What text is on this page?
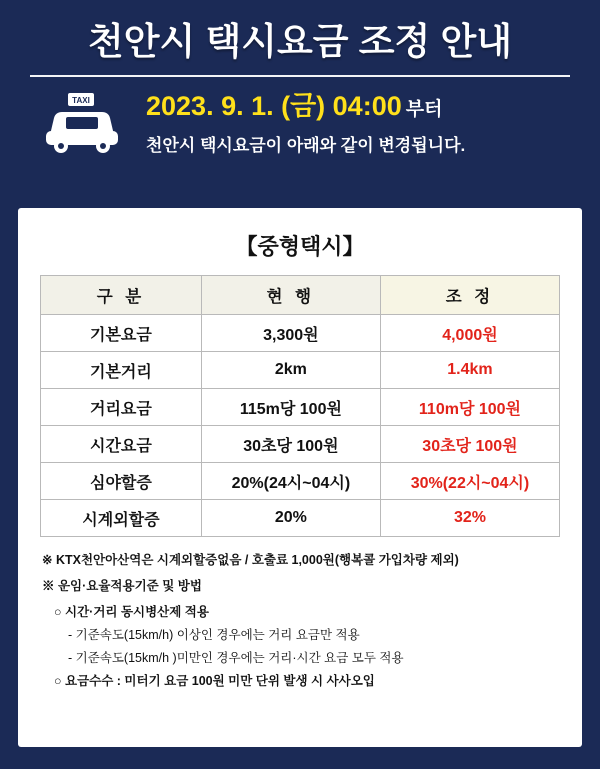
천안시 택시요금 조정 안내
TAXI 2023. 9. 1. (금) 04:00 부터
천안시 택시요금이 아래와 같이 변경됩니다.
【중형택시】
구 분	현 행	조 정
기본요금	3,300원	4,000원
기본거리	2km	1.4km
거리요금	115m당 100원	110m당 100원
시간요금	30초당 100원	30초당 100원
심야할증	20%(24시~04시)	30%(22시~04시)
시계외할증	20%	32%
※ KTX천안아산역은 시계외할증없음 / 호출료 1,000원(행복콜 가입차량 제외)
※ 운임·요율적용기준 및 방법
○ 시간·거리 동시병산제 적용
- 기준속도(15km/h) 이상인 경우에는 거리 요금만 적용
- 기준속도(15km/h )미만인 경우에는 거리·시간 요금 모두 적용
○ 요금수수 : 미터기 요금 100원 미만 단위 발생 시 사사오입
